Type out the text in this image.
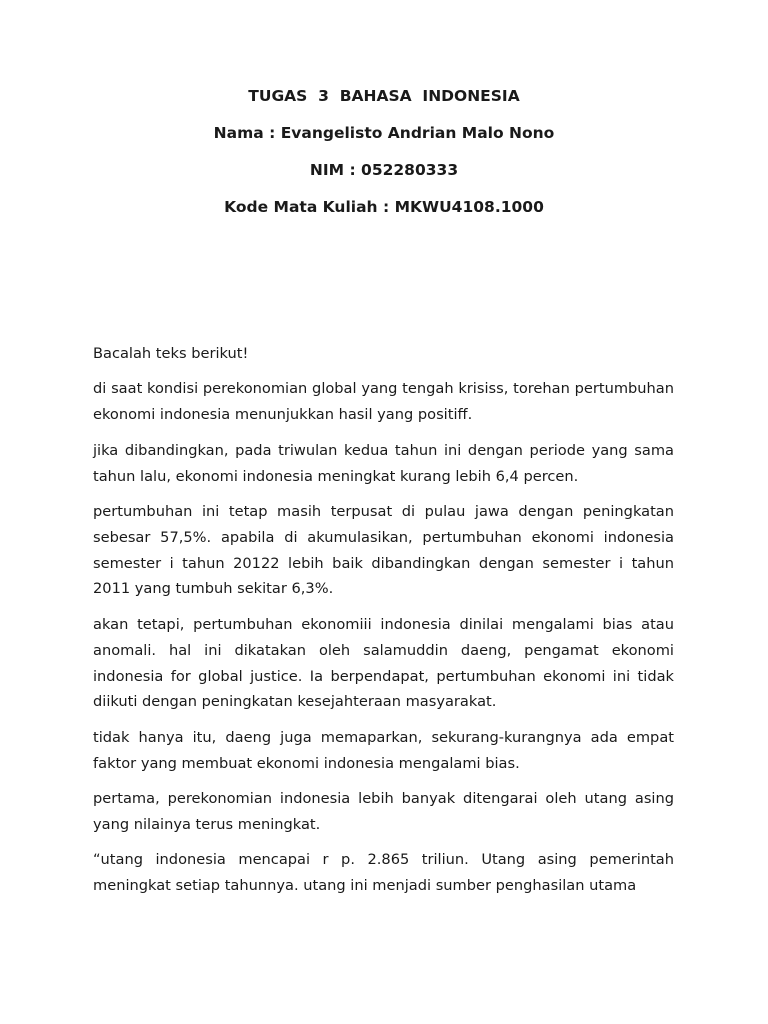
TUGAS  3  BAHASA  INDONESIA
Nama : Evangelisto Andrian Malo Nono
NIM : 052280333
Kode Mata Kuliah : MKWU4108.1000

Bacalah teks berikut!

di saat kondisi perekonomian global yang tengah krisiss, torehan pertumbuhan ekonomi indonesia menunjukkan hasil yang positiff.

jika dibandingkan, pada triwulan kedua tahun ini dengan periode yang sama tahun lalu, ekonomi indonesia meningkat kurang lebih 6,4 percen.

pertumbuhan ini tetap masih terpusat di pulau jawa dengan peningkatan sebesar 57,5%. apabila di akumulasikan, pertumbuhan ekonomi indonesia semester i tahun 20122 lebih baik dibandingkan dengan semester i tahun 2011 yang tumbuh sekitar 6,3%.

akan tetapi, pertumbuhan ekonomiii indonesia dinilai mengalami bias atau anomali. hal ini dikatakan oleh salamuddin daeng, pengamat ekonomi indonesia for global justice. Ia berpendapat, pertumbuhan ekonomi ini tidak diikuti dengan peningkatan kesejahteraan masyarakat.

tidak hanya itu, daeng juga memaparkan, sekurang-kurangnya ada empat faktor yang membuat ekonomi indonesia mengalami bias.

pertama, perekonomian indonesia lebih banyak ditengarai oleh utang asing yang nilainya terus meningkat.

“utang indonesia mencapai r p. 2.865 triliun. Utang asing pemerintah meningkat setiap tahunnya. utang ini menjadi sumber penghasilan utama
